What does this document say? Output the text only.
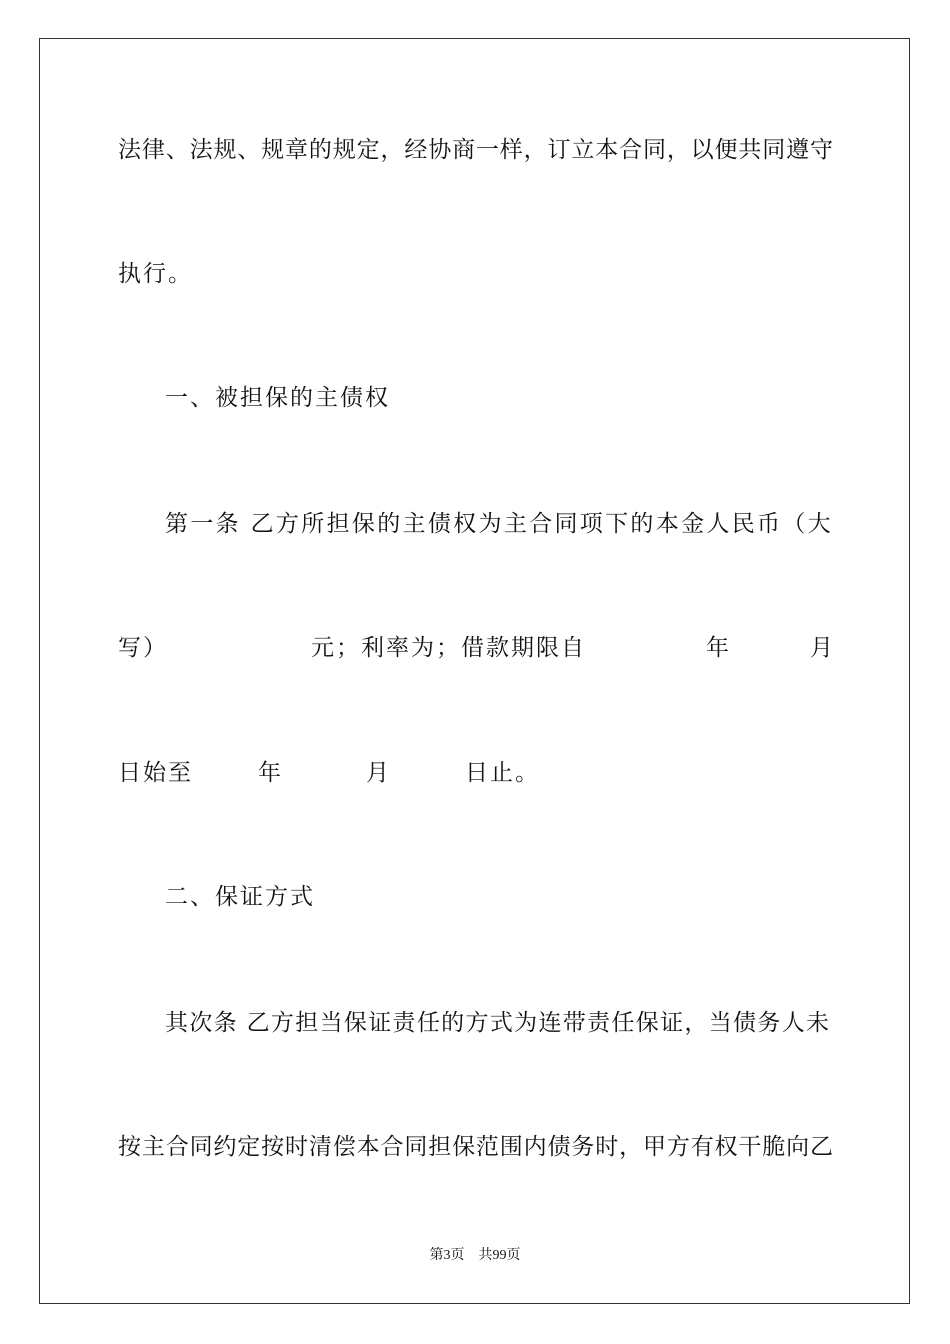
法律、法规、规章的规定，经协商一样，订立本合同，以便共同遵守
执行。
一、被担保的主债权
第一条 乙方所担保的主债权为主合同项下的本金人民币（大
写）	元；利率为；借款期限自	年	月
日始至	年	月	日止。
二、保证方式
其次条 乙方担当保证责任的方式为连带责任保证，当债务人未
按主合同约定按时清偿本合同担保范围内债务时，甲方有权干脆向乙
第3页 共99页
